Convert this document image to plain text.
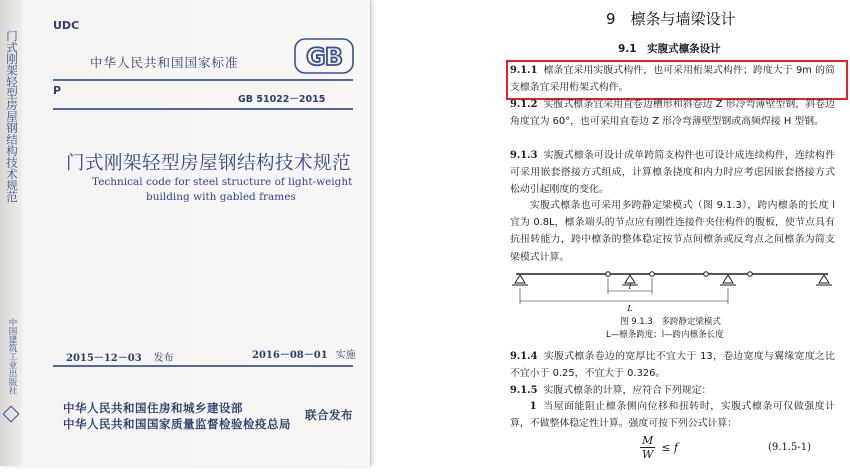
门式刚架轻型房屋钢结构技术规范
中国建筑工业出版社
UDC
中华人民共和国国家标准	GB
P
GB 51022－2015
门式刚架轻型房屋钢结构技术规范
Technical code for steel structure of light-weight
building with gabled frames
2015－12－03 发布	2016－08－01 实施
中华人民共和国住房和城乡建设部
中华人民共和国国家质量监督检验检疫总局
联合发布
9　檩条与墙梁设计
9.1　实腹式檩条设计
9.1.1 檩条宜采用实腹式构件，也可采用桁架式构件；跨度大于 9m 的简支檩条宜采用桁架式构件。
9.1.2 实腹式檩条宜采用直卷边槽形和斜卷边 Z 形冷弯薄壁型钢，斜卷边角度宜为 60°，也可采用直卷边 Z 形冷弯薄壁型钢或高频焊接 H 型钢。
9.1.3 实腹式檩条可设计成单跨简支构件也可设计成连续构件，连续构件可采用嵌套搭接方式组成，计算檩条挠度和内力时应考虑因嵌套搭接方式松动引起刚度的变化。
实腹式檩条也可采用多跨静定梁模式（图 9.1.3），跨内檩条的长度 l 宜为 0.8L，檩条端头的节点应有刚性连接件夹住构件的腹板，使节点具有抗扭转能力，跨中檩条的整体稳定按节点间檩条或反弯点之间檩条为简支梁模式计算。
l
L
图 9.1.3　多跨静定梁模式
L—檩条跨度；l—跨内檩条长度
9.1.4 实腹式檩条卷边的宽厚比不宜大于 13，卷边宽度与翼缘宽度之比不宜小于 0.25，不宜大于 0.326。
9.1.5 实腹式檩条的计算，应符合下列规定：
1 当屋面能阻止檩条侧向位移和扭转时，实腹式檩条可仅做强度计算，不做整体稳定性计算。强度可按下列公式计算：
$\frac{M}{W} \le f$	(9.1.5-1)
